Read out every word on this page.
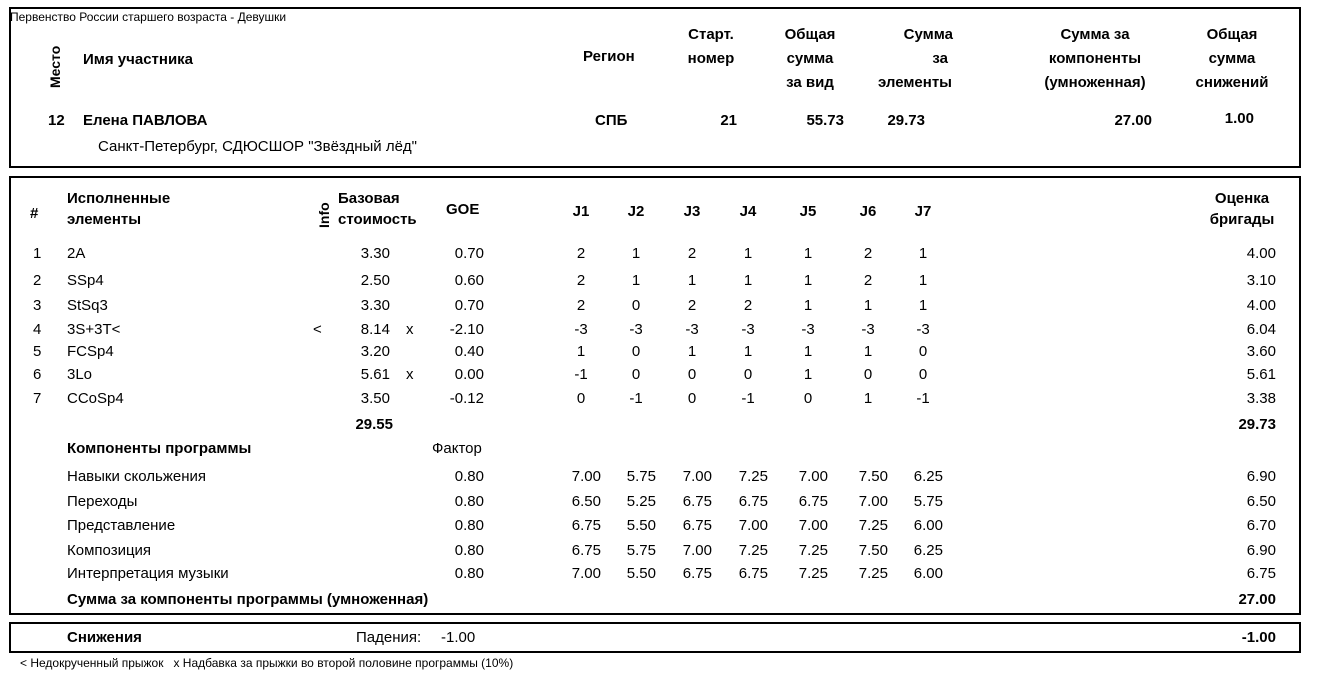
Первенство России старшего возраста - Девушки
Место Имя участника	Регион
Старт.
номер
Общая
сумма
за вид
Сумма
за
элементы
Сумма за
компоненты
(умноженная)
Общая
сумма
снижений
12 Елена ПАВЛОВА	СПБ	21	55.73	29.73	27.00	1.00
Санкт-Петербург, СДЮСШОР "Звёздный лёд"
#
Исполненные
элементы	Info
Базовая
стоимость
GOE	J1	J2	J3	J4	J5	J6	J7
Оценка
бригады
1 2A	3.30	0.70	2	1	2	1	1	2	1	4.00
2 SSp4	2.50	0.60	2	1	1	1	1	2	1	3.10
3 StSq3	3.30	0.70	2	0	2	2	1	1	1	4.00
4 3S+3T<	<	8.14 x	-2.10	-3	-3	-3	-3	-3	-3	-3	6.04
5 FCSp4	3.20	0.40	1	0	1	1	1	1	0	3.60
6 3Lo	5.61 x	0.00	-1	0	0	0	1	0	0	5.61
7 CCoSp4	3.50	-0.12	0	-1	0	-1	0	1	-1	3.38
29.55	29.73
Компоненты программы	Фактор
Навыки скольжения	0.80	7.00	5.75	7.00	7.25	7.00	7.50	6.25	6.90
Переходы	0.80	6.50	5.25	6.75	6.75	6.75	7.00	5.75	6.50
Представление	0.80	6.75	5.50	6.75	7.00	7.00	7.25	6.00	6.70
Композиция	0.80	6.75	5.75	7.00	7.25	7.25	7.50	6.25	6.90
Интерпретация музыки	0.80	7.00	5.50	6.75	6.75	7.25	7.25	6.00	6.75
Сумма за компоненты программы (умноженная)	27.00
Снижения	Падения: -1.00	-1.00
< Недокрученный прыжок   x Надбавка за прыжки во второй половине программы (10%)
